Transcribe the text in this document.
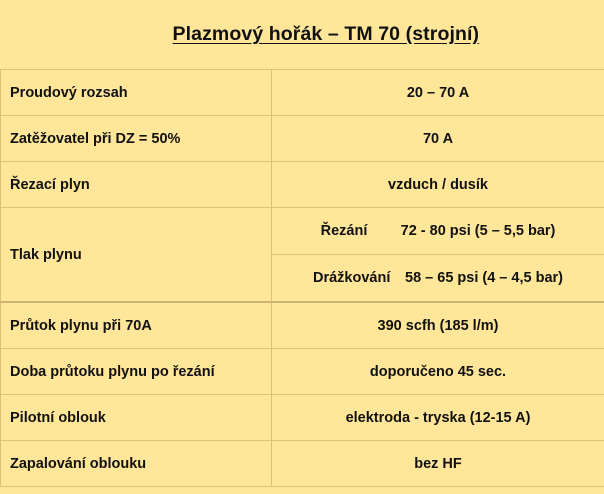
Plazmový hořák – TM 70 (strojní)	
Proudový rozsah	20 – 70 A
Zatěžovatel při DZ = 50%	70 A
Řezací plyn	vzduch / dusík
Tlak plynu	Řezání 72 - 80 psi (5 – 5,5 bar)
	Drážkování 58 – 65 psi (4 – 4,5 bar)
Průtok plynu při 70A	390 scfh (185 l/m)
Doba průtoku plynu po řezání	doporučeno 45 sec.
Pilotní oblouk	elektroda - tryska (12-15 A)
Zapalování oblouku	bez HF
